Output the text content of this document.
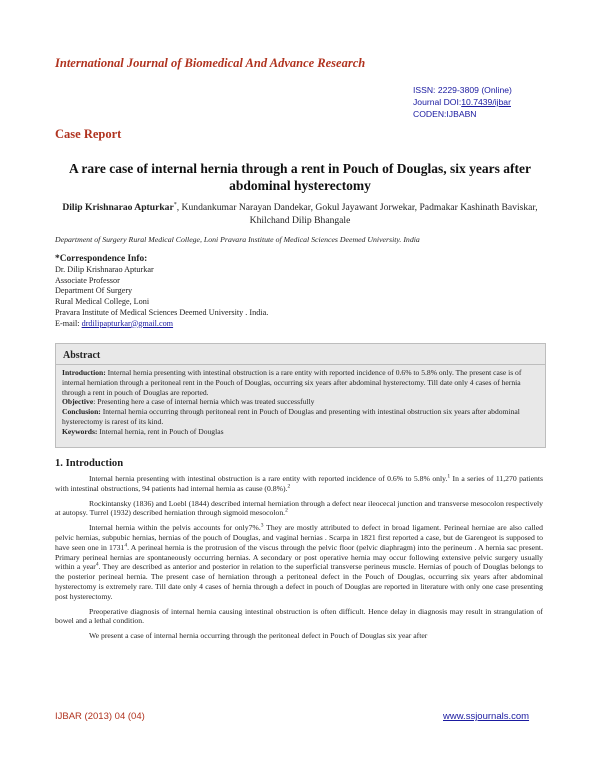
International Journal of Biomedical And Advance Research
ISSN: 2229-3809 (Online)
Journal DOI:10.7439/ijbar
CODEN:IJBABN
Case Report
A rare case of internal hernia through a rent in Pouch of Douglas, six years after abdominal hysterectomy
Dilip Krishnarao Apturkar*, Kundankumar Narayan Dandekar, Gokul Jayawant Jorwekar, Padmakar Kashinath Baviskar, Khilchand Dilip Bhangale
Department of Surgery Rural Medical College, Loni Pravara Institute of Medical Sciences Deemed University. India
*Correspondence Info:
Dr. Dilip Krishnarao Apturkar
Associate Professor
Department Of Surgery
Rural Medical College, Loni
Pravara Institute of Medical Sciences Deemed University . India.
E-mail: drdilipapturkar@gmail.com
Abstract
Introduction: Internal hernia presenting with intestinal obstruction is a rare entity with reported incidence of 0.6% to 5.8% only. The present case is of internal herniation through a peritoneal rent in the Pouch of Douglas, occurring six years after abdominal hysterectomy. Till date only 4 cases of hernia through a rent in pouch of Douglas are reported.
Objective: Presenting here a case of internal hernia which was treated successfully
Conclusion: Internal hernia occurring through peritoneal rent in Pouch of Douglas and presenting with intestinal obstruction six years after abdominal hysterectomy is rarest of its kind.
Keywords: Internal hernia, rent in Pouch of Douglas
1. Introduction

Internal hernia presenting with intestinal obstruction is a rare entity with reported incidence of 0.6% to 5.8% only.$^1$ In a series of 11,270 patients with intestinal obstructions, 94 patients had internal hernia as cause (0.8%).$^2$

Rockintansky (1836) and Loebl (1844) described internal herniation through a defect near ileocecal junction and transverse mesocolon respectively at autopsy. Turrel (1932) described herniation through sigmoid mesocolon.$^2$

Internal hernia within the pelvis accounts for only7%.$^3$ They are mostly attributed to defect in broad ligament. Perineal herniae are also called pelvic hernias, subpubic hernias, hernias of the pouch of Douglas, and vaginal hernias . Scarpa in 1821 first reported a case, but de Garengeot is supposed to have seen one in 1731$^4$. A perineal hernia is the protrusion of the viscus through the pelvic floor (pelvic diaphragm) into the perineum . A hernia sac present. Primary perineal hernias are spontaneously occurring hernias. A secondary or post operative hernia may occur following extensive pelvic surgery usually within a year$^4$. They are described as anterior and posterior in relation to the superficial transverse perineus muscle. Hernias of pouch of Douglas belongs to the posterior perineal hernia. The present case of herniation through a peritoneal defect in the Pouch of Douglas, occurring six years after abdominal hysterectomy is extremely rare. Till date only 4 cases of hernia through a defect in pouch of Douglas are reported in literature with only one case presenting post hysterectomy.

Preoperative diagnosis of internal hernia causing intestinal obstruction is often difficult. Hence delay in diagnosis may result in strangulation of bowel and a lethal condition.

We present a case of internal hernia occurring through the peritoneal defect in Pouch of Douglas six year after

IJBAR (2013) 04 (04)	www.ssjournals.com
